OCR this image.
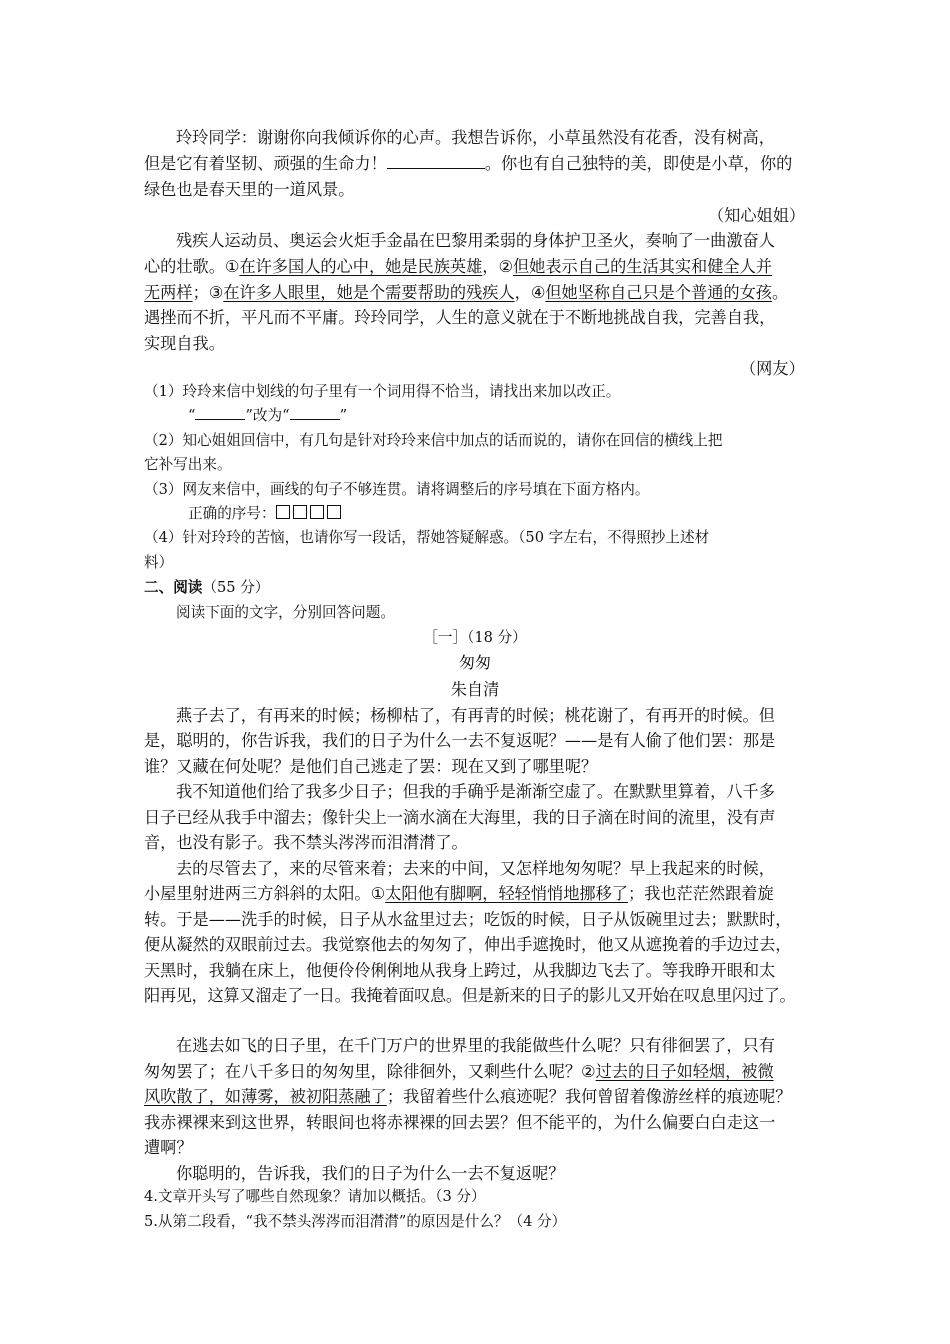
玲玲同学：谢谢你向我倾诉你的心声。我想告诉你，小草虽然没有花香，没有树高，
但是它有着坚韧、顽强的生命力！	。你也有自己独特的美，即使是小草，你的
绿色也是春天里的一道风景。
（知心姐姐）
残疾人运动员、奥运会火炬手金晶在巴黎用柔弱的身体护卫圣火，奏响了一曲激奋人
心的壮歌。①在许多国人的心中，她是民族英雄，②但她表示自己的生活其实和健全人并
无两样；③在许多人眼里，她是个需要帮助的残疾人，④但她坚称自己只是个普通的女孩。
遇挫而不折，平凡而不平庸。玲玲同学，人生的意义就在于不断地挑战自我，完善自我，
实现自我。
（网友）
（1）玲玲来信中划线的句子里有一个词用得不恰当，请找出来加以改正。
“	”改为“	”
（2）知心姐姐回信中，有几句是针对玲玲来信中加点的话而说的，请你在回信的横线上把
它补写出来。
（3）网友来信中，画线的句子不够连贯。请将调整后的序号填在下面方格内。
正确的序号：
（4）针对玲玲的苦恼，也请你写一段话，帮她答疑解惑。（50 字左右，不得照抄上述材
料）
二、阅读（55 分）
阅读下面的文字，分别回答问题。
［一］（18 分）
匆匆
朱自清
燕子去了，有再来的时候；杨柳枯了，有再青的时候；桃花谢了，有再开的时候。但
是，聪明的，你告诉我，我们的日子为什么一去不复返呢？——是有人偷了他们罢：那是
谁？又藏在何处呢？是他们自己逃走了罢：现在又到了哪里呢？
我不知道他们给了我多少日子；但我的手确乎是渐渐空虚了。在默默里算着，八千多
日子已经从我手中溜去；像针尖上一滴水滴在大海里，我的日子滴在时间的流里，没有声
音，也没有影子。我不禁头涔涔而泪潸潸了。
去的尽管去了，来的尽管来着；去来的中间，又怎样地匆匆呢？早上我起来的时候，
小屋里射进两三方斜斜的太阳。①太阳他有脚啊，轻轻悄悄地挪移了；我也茫茫然跟着旋
转。于是——洗手的时候，日子从水盆里过去；吃饭的时候，日子从饭碗里过去；默默时，
便从凝然的双眼前过去。我觉察他去的匆匆了，伸出手遮挽时，他又从遮挽着的手边过去，
天黑时，我躺在床上，他便伶伶俐俐地从我身上跨过，从我脚边飞去了。等我睁开眼和太
阳再见，这算又溜走了一日。我掩着面叹息。但是新来的日子的影儿又开始在叹息里闪过了。
在逃去如飞的日子里，在千门万户的世界里的我能做些什么呢？只有徘徊罢了，只有
匆匆罢了；在八千多日的匆匆里，除徘徊外，又剩些什么呢？②过去的日子如轻烟，被微
风吹散了，如薄雾，被初阳蒸融了；我留着些什么痕迹呢？我何曾留着像游丝样的痕迹呢？
我赤裸裸来到这世界，转眼间也将赤裸裸的回去罢？但不能平的，为什么偏要白白走这一
遭啊？
你聪明的，告诉我，我们的日子为什么一去不复返呢？
4.文章开头写了哪些自然现象？请加以概括。（3 分）
5.从第二段看，“我不禁头涔涔而泪潸潸”的原因是什么？（4 分）
